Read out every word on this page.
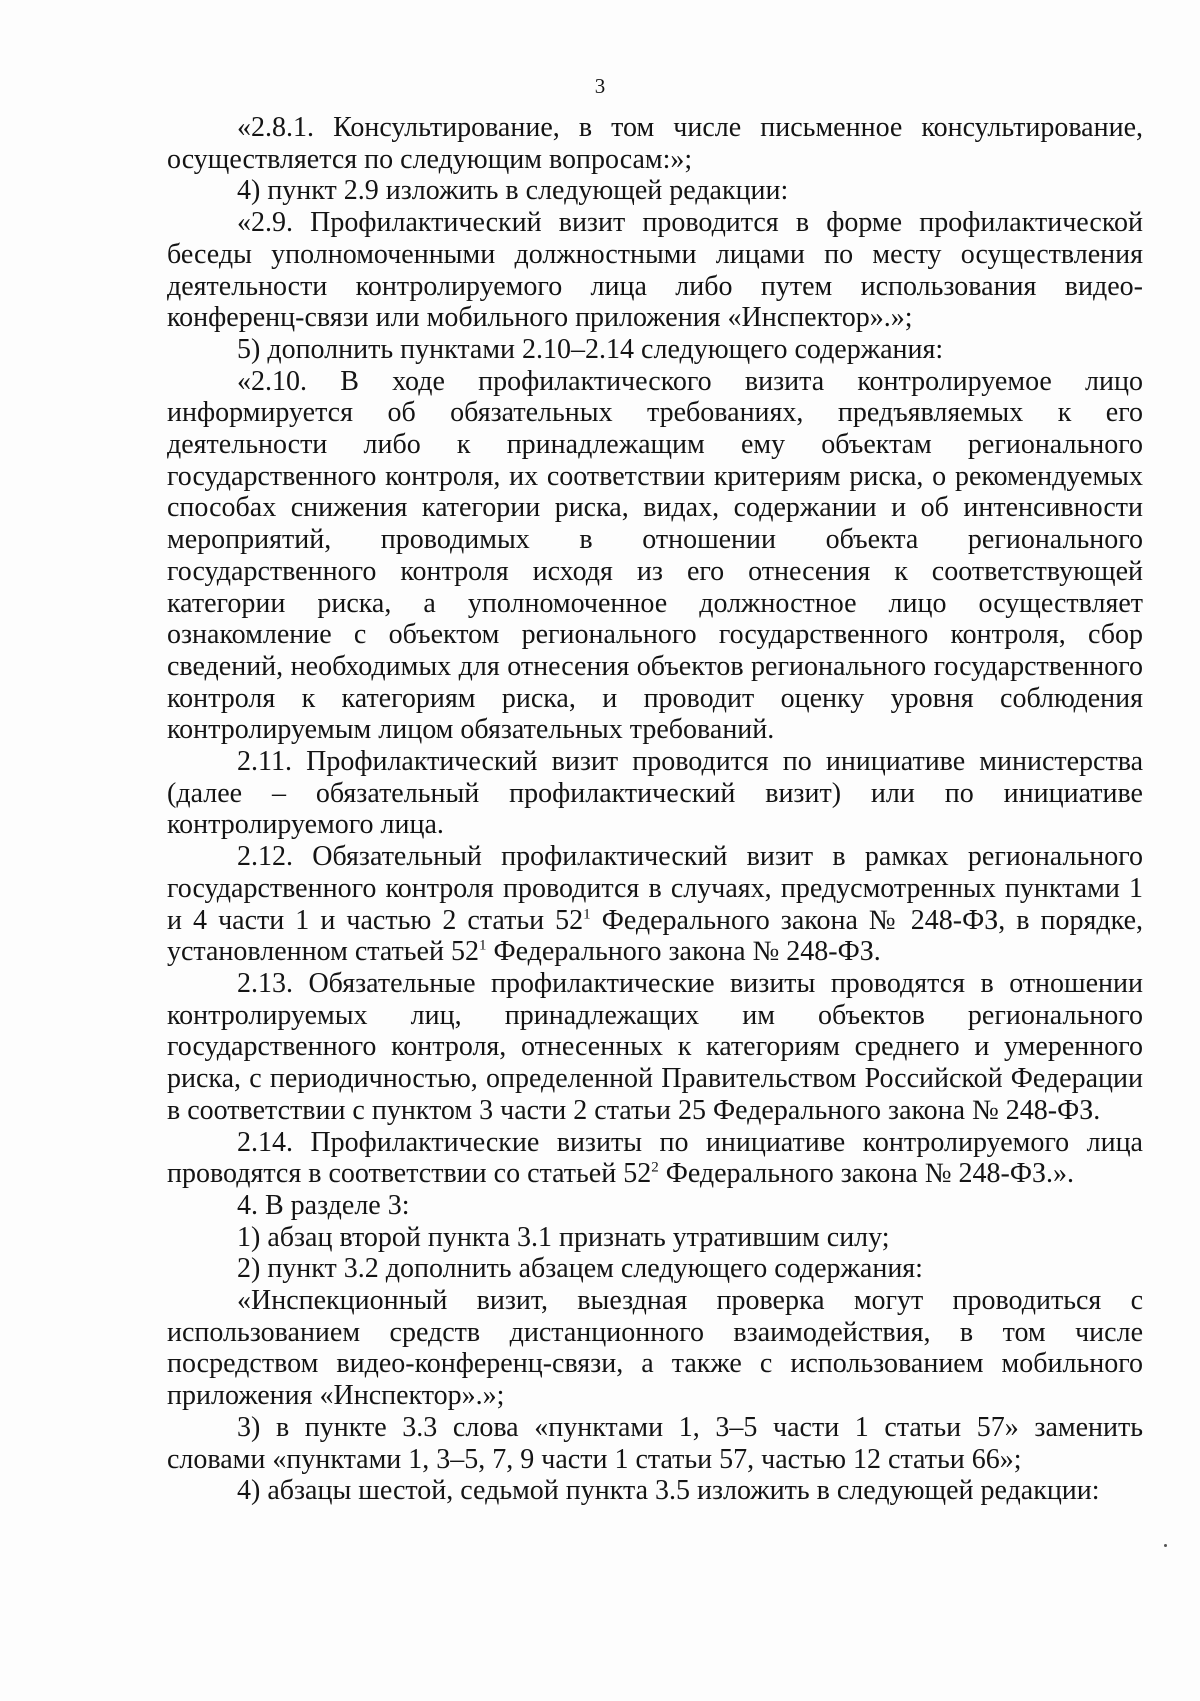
3

«2.8.1. Консультирование, в том числе письменное консультирование, осуществляется по следующим вопросам:»;

4) пункт 2.9 изложить в следующей редакции:

«2.9. Профилактический визит проводится в форме профилактической беседы уполномоченными должностными лицами по месту осуществления деятельности контролируемого лица либо путем использования видео-конференц-связи или мобильного приложения «Инспектор».»;

5) дополнить пунктами 2.10–2.14 следующего содержания:

«2.10. В ходе профилактического визита контролируемое лицо информируется об обязательных требованиях, предъявляемых к его деятельности либо к принадлежащим ему объектам регионального государственного контроля, их соответствии критериям риска, о рекомендуемых способах снижения категории риска, видах, содержании и об интенсивности мероприятий, проводимых в отношении объекта регионального государственного контроля исходя из его отнесения к соответствующей категории риска, а уполномоченное должностное лицо осуществляет ознакомление с объектом регионального государственного контроля, сбор сведений, необходимых для отнесения объектов регионального государственного контроля к категориям риска, и проводит оценку уровня соблюдения контролируемым лицом обязательных требований.

2.11. Профилактический визит проводится по инициативе министерства (далее – обязательный профилактический визит) или по инициативе контролируемого лица.

2.12. Обязательный профилактический визит в рамках регионального государственного контроля проводится в случаях, предусмотренных пунктами 1 и 4 части 1 и частью 2 статьи $52^1$ Федерального закона № 248-ФЗ, в порядке, установленном статьей $52^1$ Федерального закона № 248-ФЗ.

2.13. Обязательные профилактические визиты проводятся в отношении контролируемых лиц, принадлежащих им объектов регионального государственного контроля, отнесенных к категориям среднего и умеренного риска, с периодичностью, определенной Правительством Российской Федерации в соответствии с пунктом 3 части 2 статьи 25 Федерального закона № 248-ФЗ.

2.14. Профилактические визиты по инициативе контролируемого лица проводятся в соответствии со статьей $52^2$ Федерального закона № 248-ФЗ.».

4. В разделе 3:

1) абзац второй пункта 3.1 признать утратившим силу;

2) пункт 3.2 дополнить абзацем следующего содержания:

«Инспекционный визит, выездная проверка могут проводиться с использованием средств дистанционного взаимодействия, в том числе посредством видео-конференц-связи, а также с использованием мобильного приложения «Инспектор».»;

3) в пункте 3.3 слова «пунктами 1, 3–5 части 1 статьи 57» заменить словами «пунктами 1, 3–5, 7, 9 части 1 статьи 57, частью 12 статьи 66»;

4) абзацы шестой, седьмой пункта 3.5 изложить в следующей редакции:
